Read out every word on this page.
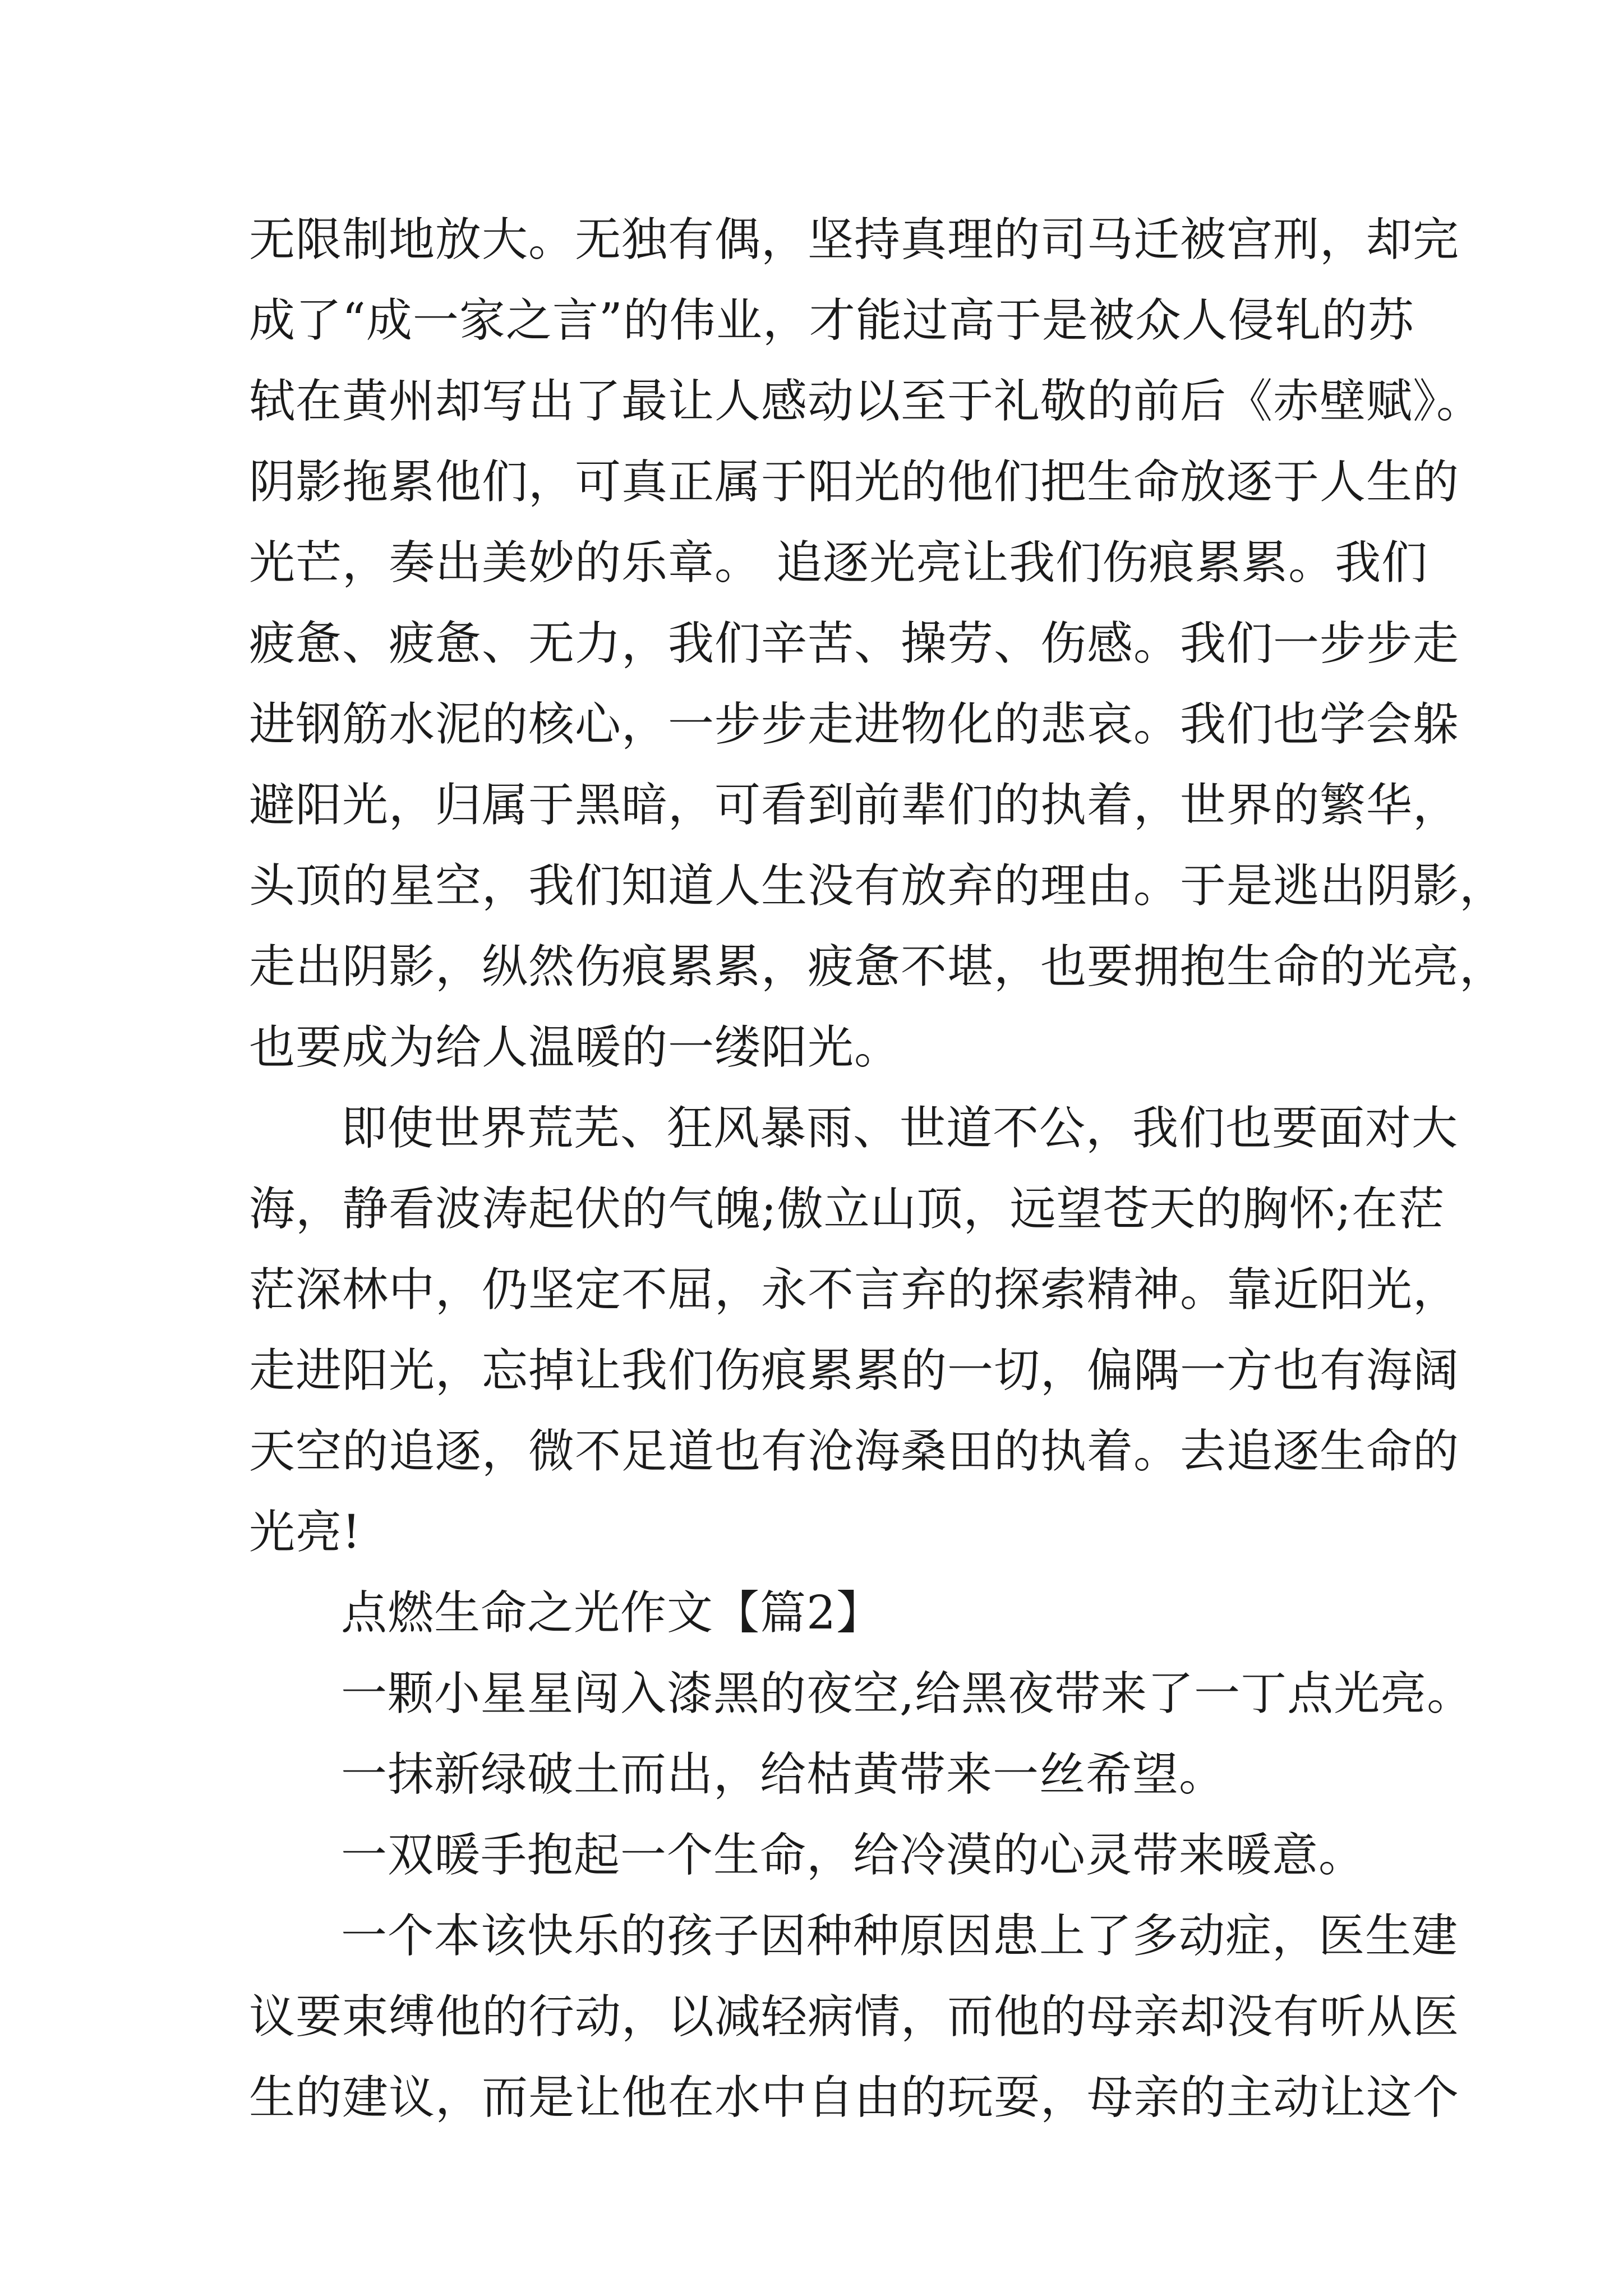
无限制地放大。无独有偶，坚持真理的司马迁被宫刑，却完
成了“成一家之言”的伟业，才能过高于是被众人侵轧的苏
轼在黄州却写出了最让人感动以至于礼敬的前后《赤壁赋》。
阴影拖累他们，可真正属于阳光的他们把生命放逐于人生的
光芒，奏出美妙的乐章。 追逐光亮让我们伤痕累累。我们
疲惫、疲惫、无力，我们辛苦、操劳、伤感。我们一步步走
进钢筋水泥的核心，一步步走进物化的悲哀。我们也学会躲
避阳光，归属于黑暗，可看到前辈们的执着，世界的繁华，
头顶的星空，我们知道人生没有放弃的理由。于是逃出阴影，
走出阴影，纵然伤痕累累，疲惫不堪，也要拥抱生命的光亮，
也要成为给人温暖的一缕阳光。
即使世界荒芜、狂风暴雨、世道不公，我们也要面对大
海，静看波涛起伏的气魄;傲立山顶，远望苍天的胸怀;在茫
茫深林中，仍坚定不屈，永不言弃的探索精神。靠近阳光，
走进阳光，忘掉让我们伤痕累累的一切，偏隅一方也有海阔
天空的追逐，微不足道也有沧海桑田的执着。去追逐生命的
光亮!
点燃生命之光作文【篇2】
一颗小星星闯入漆黑的夜空,给黑夜带来了一丁点光亮。
一抹新绿破土而出，给枯黄带来一丝希望。
一双暖手抱起一个生命，给冷漠的心灵带来暖意。
一个本该快乐的孩子因种种原因患上了多动症，医生建
议要束缚他的行动，以减轻病情，而他的母亲却没有听从医
生的建议，而是让他在水中自由的玩耍，母亲的主动让这个
